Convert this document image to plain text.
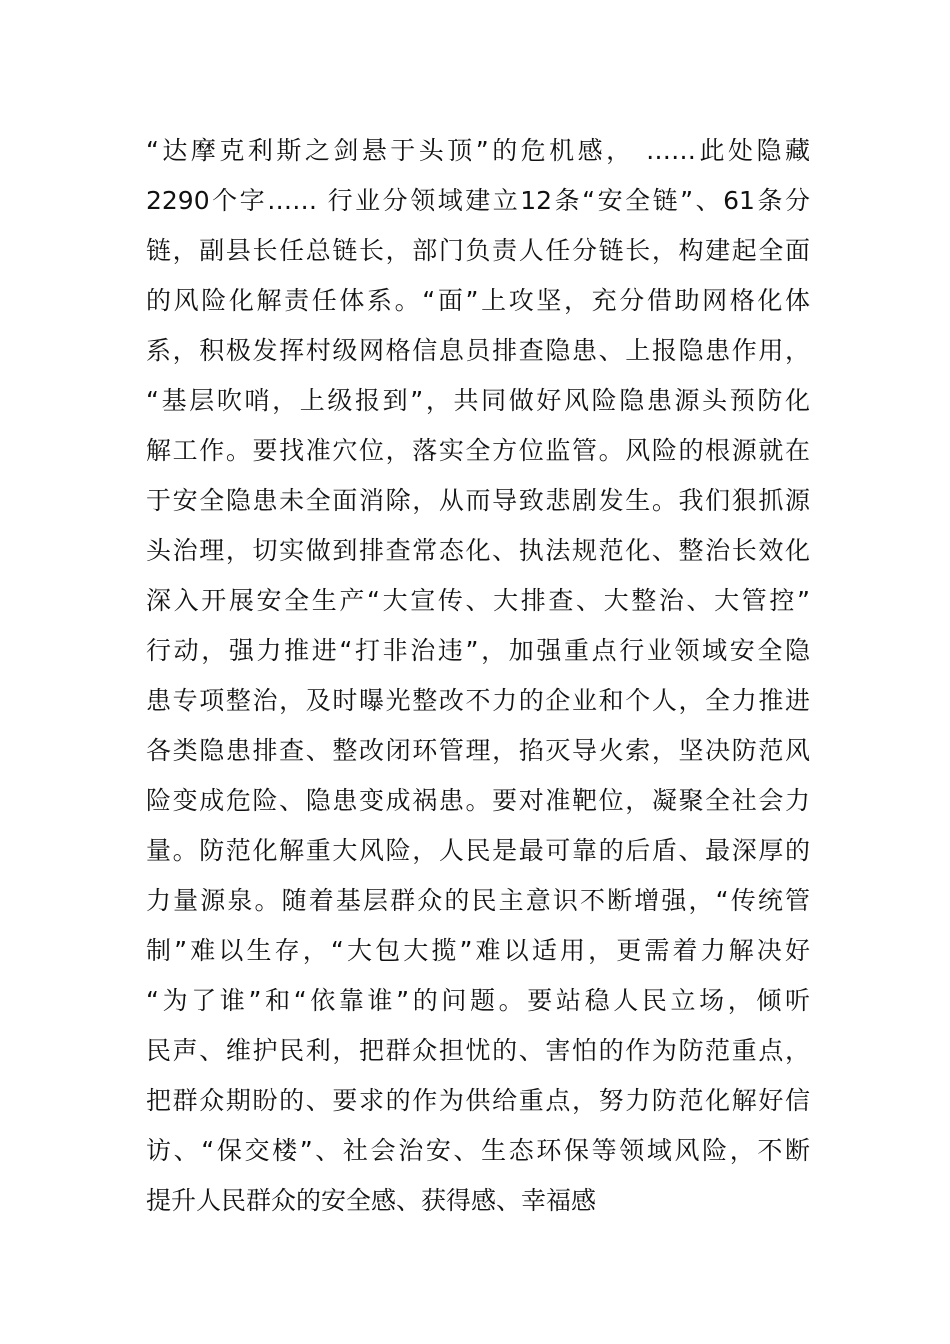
“达摩克利斯之剑悬于头顶”的危机感， ……此处隐藏
2290个字…… 行业分领域建立12条“安全链”、61条分
链，副县长任总链长，部门负责人任分链长，构建起全面
的风险化解责任体系。“面”上攻坚，充分借助网格化体
系，积极发挥村级网格信息员排查隐患、上报隐患作用，
“基层吹哨，上级报到”，共同做好风险隐患源头预防化
解工作。要找准穴位，落实全方位监管。风险的根源就在
于安全隐患未全面消除，从而导致悲剧发生。我们狠抓源
头治理，切实做到排查常态化、执法规范化、整治长效化
深入开展安全生产“大宣传、大排查、大整治、大管控”
行动，强力推进“打非治违”，加强重点行业领域安全隐
患专项整治，及时曝光整改不力的企业和个人，全力推进
各类隐患排查、整改闭环管理，掐灭导火索，坚决防范风
险变成危险、隐患变成祸患。要对准靶位，凝聚全社会力
量。防范化解重大风险，人民是最可靠的后盾、最深厚的
力量源泉。随着基层群众的民主意识不断增强，“传统管
制”难以生存，“大包大揽”难以适用，更需着力解决好
“为了谁”和“依靠谁”的问题。要站稳人民立场，倾听
民声、维护民利，把群众担忧的、害怕的作为防范重点，
把群众期盼的、要求的作为供给重点，努力防范化解好信
访、“保交楼”、社会治安、生态环保等领域风险，不断
提升人民群众的安全感、获得感、幸福感
